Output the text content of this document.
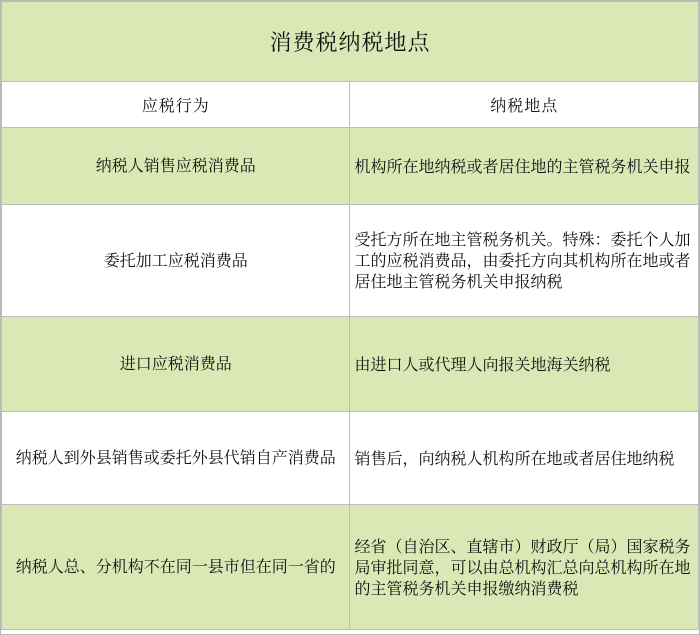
消费税纳税地点	
应税行为	纳税地点
纳税人销售应税消费品	机构所在地纳税或者居住地的主管税务机关申报
委托加工应税消费品	受托方所在地主管税务机关。特殊：委托个人加工的应税消费品，由委托方向其机构所在地或者居住地主管税务机关申报纳税
进口应税消费品	由进口人或代理人向报关地海关纳税
纳税人到外县销售或委托外县代销自产消费品	销售后，向纳税人机构所在地或者居住地纳税
纳税人总、分机构不在同一县市但在同一省的	经省（自治区、直辖市）财政厅（局）国家税务局审批同意，可以由总机构汇总向总机构所在地的主管税务机关申报缴纳消费税
